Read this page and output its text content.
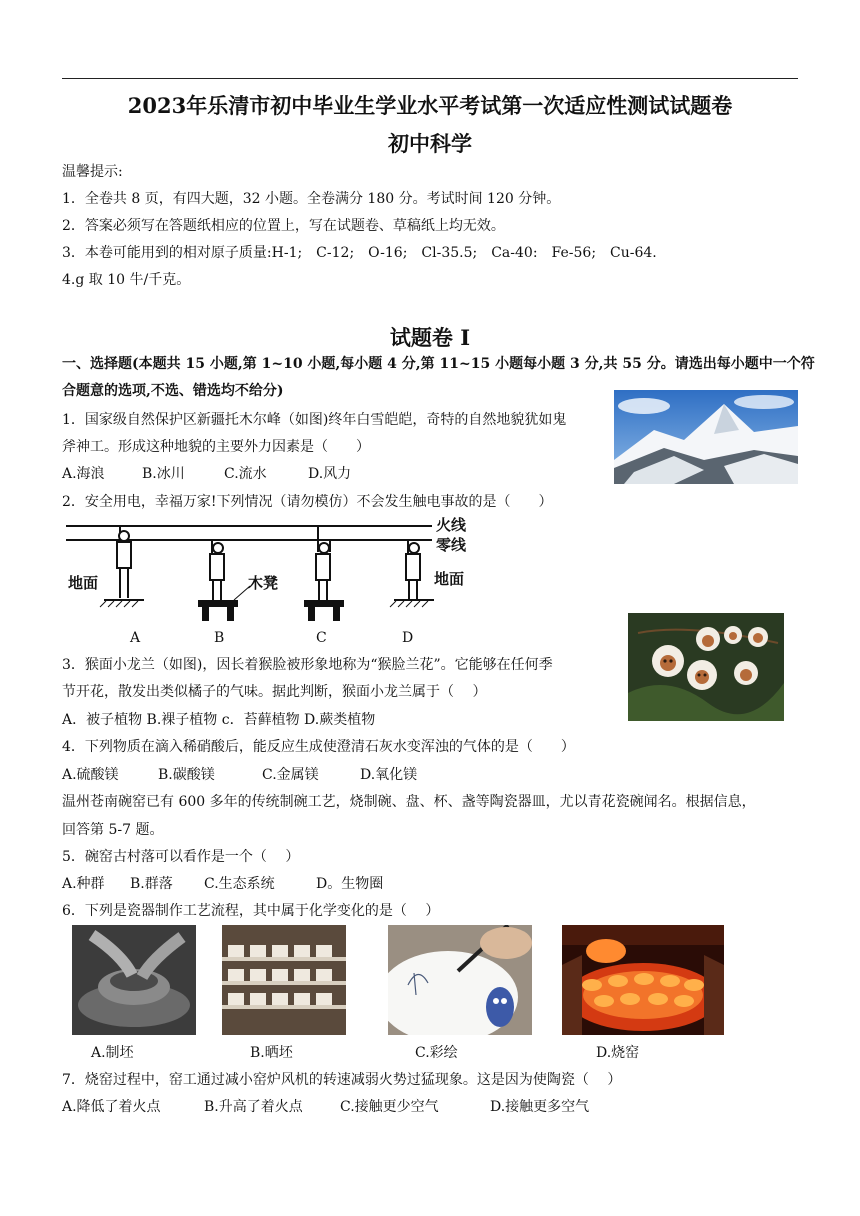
2023年乐清市初中毕业生学业水平考试第一次适应性测试试题卷
初中科学
温馨提示:
1．全卷共 8 页，有四大题，32 小题。全卷满分 180 分。考试时间 120 分钟。
2．答案必须写在答题纸相应的位置上，写在试题卷、草稿纸上均无效。
3．本卷可能用到的相对原子质量:H-1;　C-12;　O-16;　Cl-35.5;　Ca-40:　Fe-56;　Cu-64.
4.g 取 10 牛/千克。
试题卷 I
一、选择题(本题共 15 小题,第 1~10 小题,每小题 4 分,第 11~15 小题每小题 3 分,共 55 分。请选出每小题中一个符
合题意的选项,不选、错选均不给分)
1．国家级自然保护区新疆托木尔峰（如图)终年白雪皑皑，奇特的自然地貌犹如鬼
斧神工。形成这种地貌的主要外力因素是（　　）
A.海浪	B.冰川	C.流水	D.风力
2．安全用电，幸福万家!下列情况（请勿模仿）不会发生触电事故的是（　　）
火线
零线
地面	地面
木凳
A	B	C	D
3．猴面小龙兰（如图)，因长着猴脸被形象地称为“猴脸兰花”。它能够在任何季
节开花，散发出类似橘子的气味。据此判断，猴面小龙兰属于（　 ）
A．被子植物 B.裸子植物 c．苔藓植物 D.蕨类植物
4．下列物质在滴入稀硝酸后，能反应生成使澄清石灰水变浑浊的气体的是（　　）
A.硫酸镁	B.碳酸镁	C.金属镁	D.氧化镁
温州苍南碗窑已有 600 多年的传统制碗工艺，烧制碗、盘、杯、盏等陶瓷器皿，尤以青花瓷碗闻名。根据信息，
回答第 5-7 题。
5．碗窑古村落可以看作是一个（　 ）
A.种群 B.群落 C.生态系统	D。生物圈
6．下列是瓷器制作工艺流程，其中属于化学变化的是（　 ）
A.制坯	B.晒坯	C.彩绘	D.烧窑
7．烧窑过程中，窑工通过减小窑炉风机的转速减弱火势过猛现象。这是因为使陶瓷（　 ）
A.降低了着火点	B.升高了着火点	C.接触更少空气	D.接触更多空气
